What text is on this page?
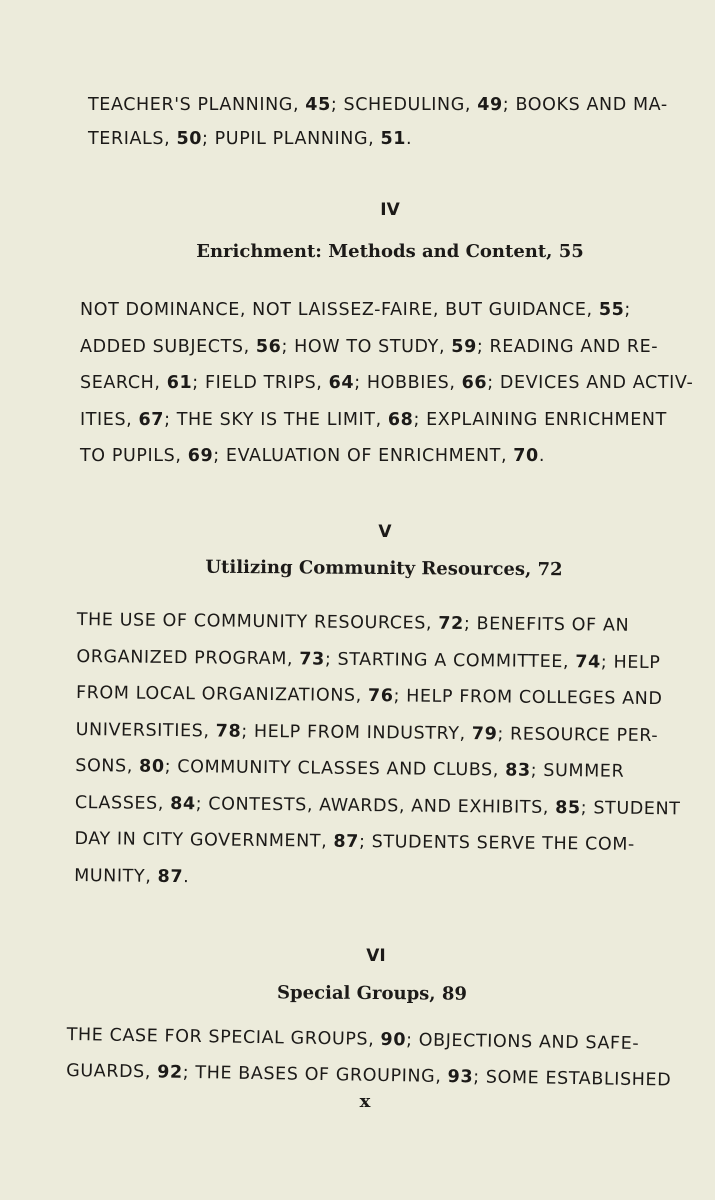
TEACHER'S PLANNING, 45; SCHEDULING, 49; BOOKS AND MA-
TERIALS, 50; PUPIL PLANNING, 51.

IV
Enrichment: Methods and Content, 55

NOT DOMINANCE, NOT LAISSEZ-FAIRE, BUT GUIDANCE, 55;
ADDED SUBJECTS, 56; HOW TO STUDY, 59; READING AND RE-
SEARCH, 61; FIELD TRIPS, 64; HOBBIES, 66; DEVICES AND ACTIV-
ITIES, 67; THE SKY IS THE LIMIT, 68; EXPLAINING ENRICHMENT
TO PUPILS, 69; EVALUATION OF ENRICHMENT, 70.

V
Utilizing Community Resources, 72

THE USE OF COMMUNITY RESOURCES, 72; BENEFITS OF AN
ORGANIZED PROGRAM, 73; STARTING A COMMITTEE, 74; HELP
FROM LOCAL ORGANIZATIONS, 76; HELP FROM COLLEGES AND
UNIVERSITIES, 78; HELP FROM INDUSTRY, 79; RESOURCE PER-
SONS, 80; COMMUNITY CLASSES AND CLUBS, 83; SUMMER
CLASSES, 84; CONTESTS, AWARDS, AND EXHIBITS, 85; STUDENT
DAY IN CITY GOVERNMENT, 87; STUDENTS SERVE THE COM-
MUNITY, 87.

VI
Special Groups, 89

THE CASE FOR SPECIAL GROUPS, 90; OBJECTIONS AND SAFE-
GUARDS, 92; THE BASES OF GROUPING, 93; SOME ESTABLISHED

x
